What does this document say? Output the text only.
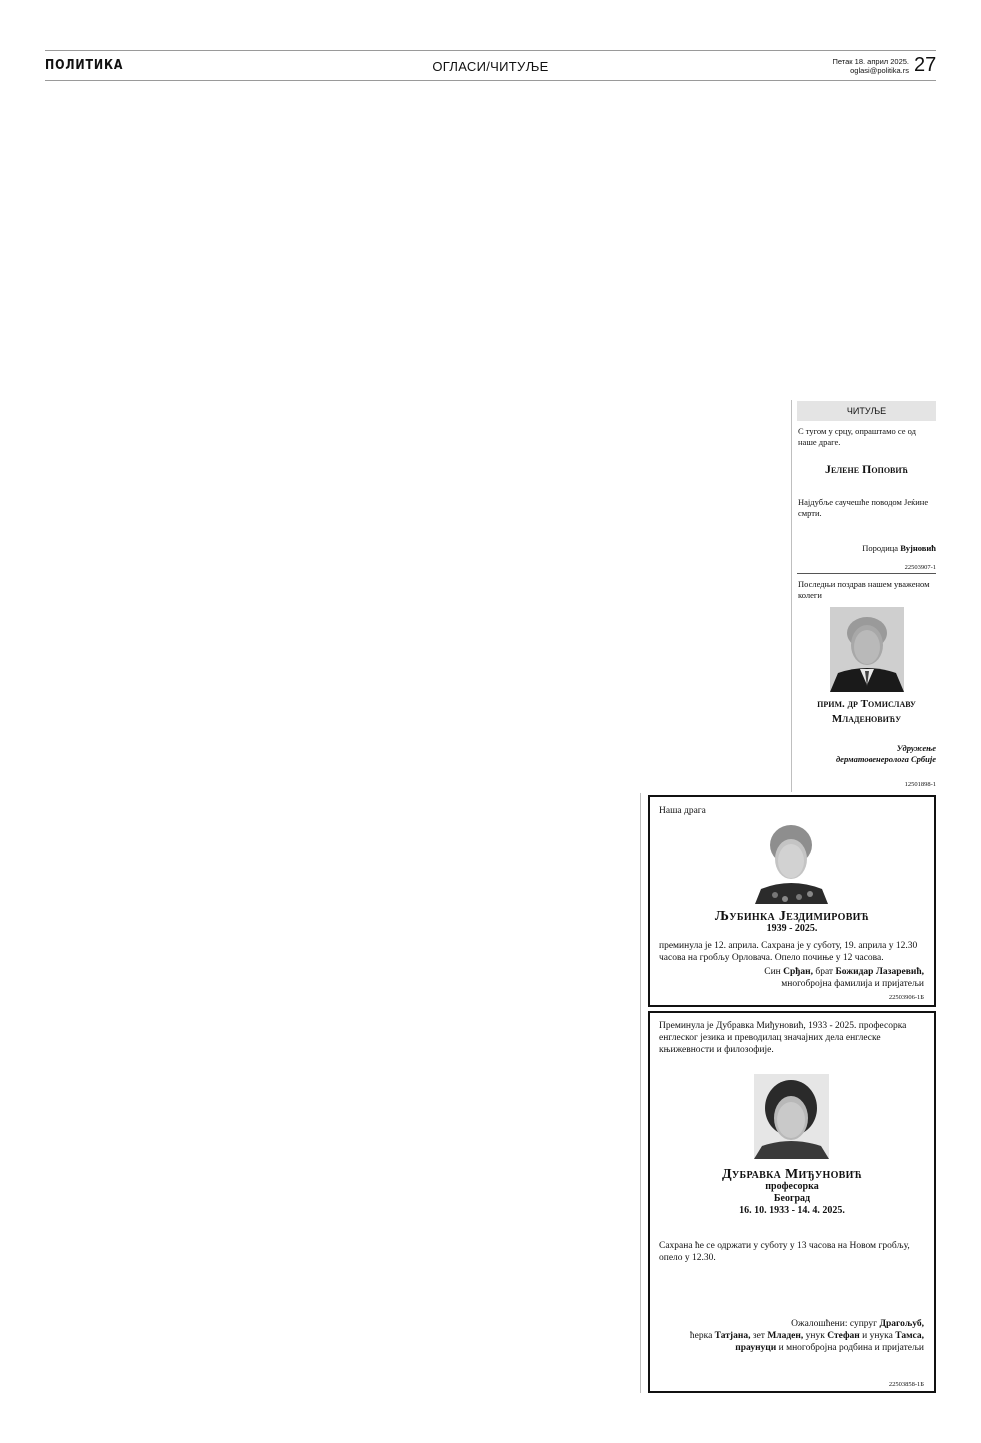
ПОЛИТИКА	ОГЛАСИ/ЧИТУЉЕ	Петак 18. април 2025.
oglasi@politika.rs 27
ЧИТУЉЕ
С тугом у срцу, опраштамо се од наше драге.
Јелене Поповић
Најдубље саучешће поводом Јеќине смрти.
Породица Вујновић
22503907-1
Последњи поздрав нашем уваженом колеги
прим. др Томиславу
Младеновићу
Удружење
дерматовенеролога Србије
12501898-1
Наша драга
Љубинка Јездимировић
1939 - 2025.
преминула је 12. априла. Сахрана је у суботу, 19. априла у 12.30 часова на гробљу Орловача. Опело почиње у 12 часова.
Син Срђан, брат Божидар Лазаревић,
многобројна фамилија и пријатељи
22503906-1Б
Преминула је Дубравка Миђуновић, 1933 - 2025. професорка енглеског језика и преводилац значајних дела енглеске књижевности и филозофије.
Дубравка Миђуновић
професорка
Београд
16. 10. 1933 - 14. 4. 2025.
Сахрана ће се одржати у суботу у 13 часова на Новом гробљу, опело у 12.30.
Ожалошћени: супруг Драгољуб,
ћерка Татјана, зет Младен, унук Стефан и унука Тамса,
праунуци и многобројна родбина и пријатељи
22503858-1Б
